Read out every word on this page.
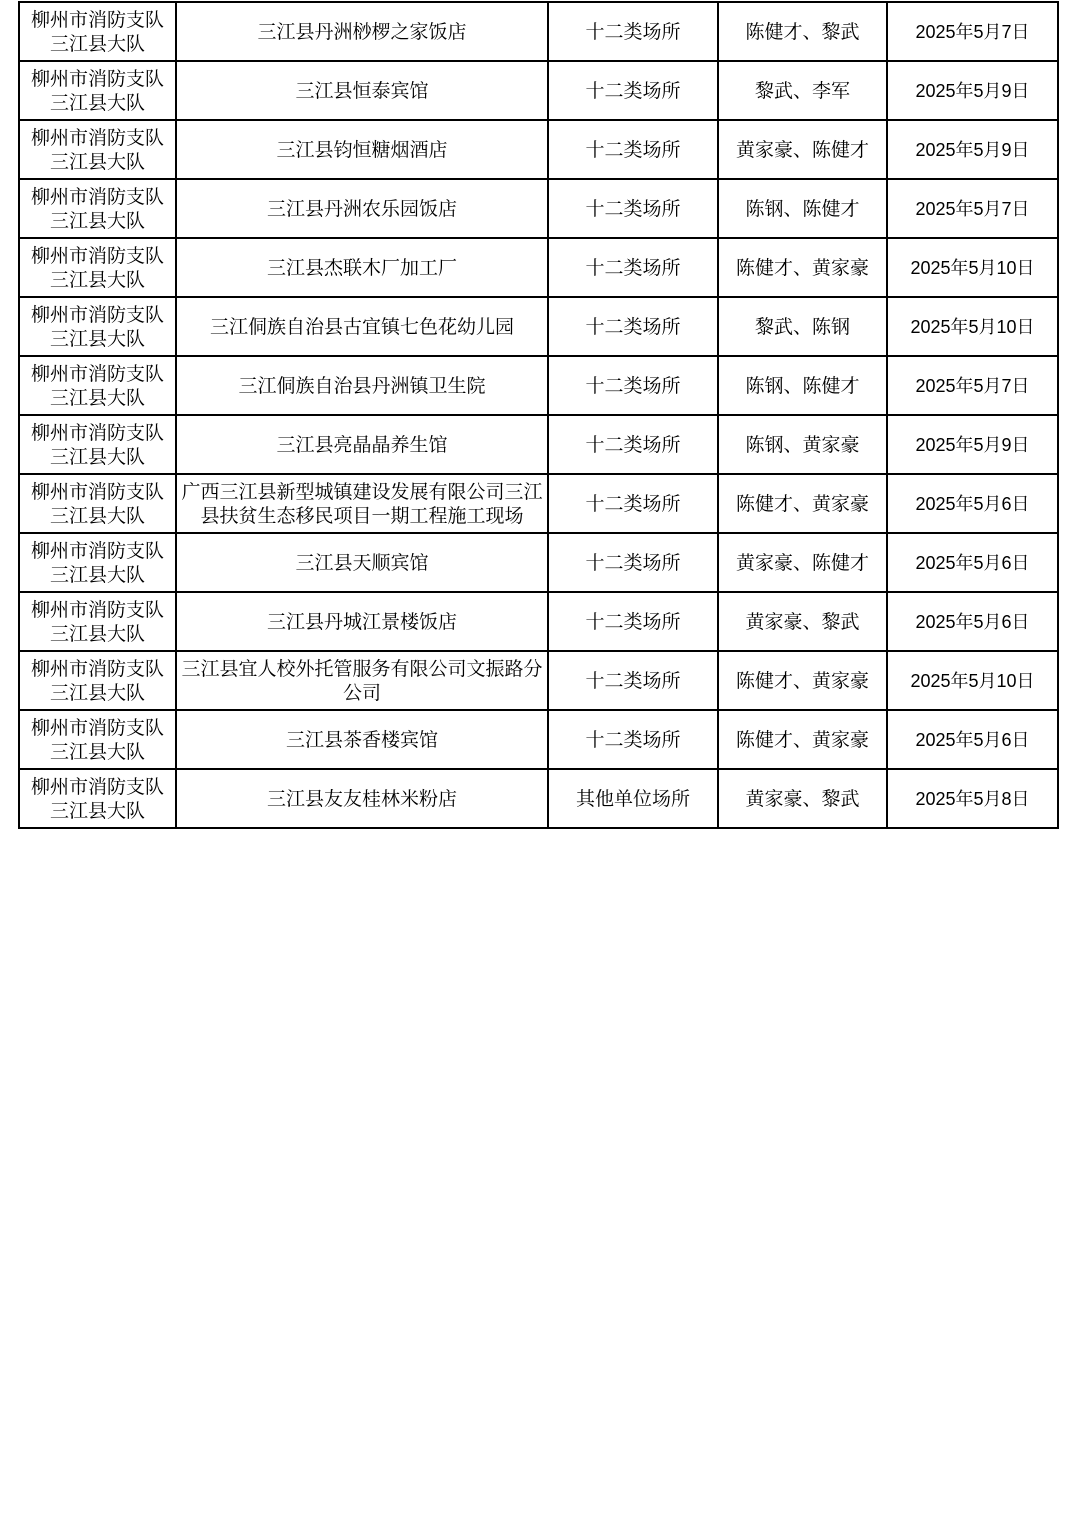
柳州市消防支队
三江县大队	三江县丹洲桫椤之家饭店	十二类场所	陈健才、黎武	2025年5月7日

柳州市消防支队
三江县大队	三江县恒泰宾馆	十二类场所	黎武、李军	2025年5月9日

柳州市消防支队
三江县大队	三江县钧恒糖烟酒店	十二类场所	黄家豪、陈健才	2025年5月9日

柳州市消防支队
三江县大队	三江县丹洲农乐园饭店	十二类场所	陈钢、陈健才	2025年5月7日

柳州市消防支队
三江县大队	三江县杰联木厂加工厂	十二类场所	陈健才、黄家豪	2025年5月10日

柳州市消防支队
三江县大队	三江侗族自治县古宜镇七色花幼儿园	十二类场所	黎武、陈钢	2025年5月10日

柳州市消防支队
三江县大队	三江侗族自治县丹洲镇卫生院	十二类场所	陈钢、陈健才	2025年5月7日

柳州市消防支队
三江县大队	三江县亮晶晶养生馆	十二类场所	陈钢、黄家豪	2025年5月9日

柳州市消防支队
三江县大队	广西三江县新型城镇建设发展有限公司三江县扶贫生态移民项目一期工程施工现场	十二类场所	陈健才、黄家豪	2025年5月6日

柳州市消防支队
三江县大队	三江县天顺宾馆	十二类场所	黄家豪、陈健才	2025年5月6日

柳州市消防支队
三江县大队	三江县丹城江景楼饭店	十二类场所	黄家豪、黎武	2025年5月6日

柳州市消防支队
三江县大队	三江县宜人校外托管服务有限公司文振路分公司	十二类场所	陈健才、黄家豪	2025年5月10日

柳州市消防支队
三江县大队	三江县茶香楼宾馆	十二类场所	陈健才、黄家豪	2025年5月6日

柳州市消防支队
三江县大队	三江县友友桂林米粉店	其他单位场所	黄家豪、黎武	2025年5月8日
